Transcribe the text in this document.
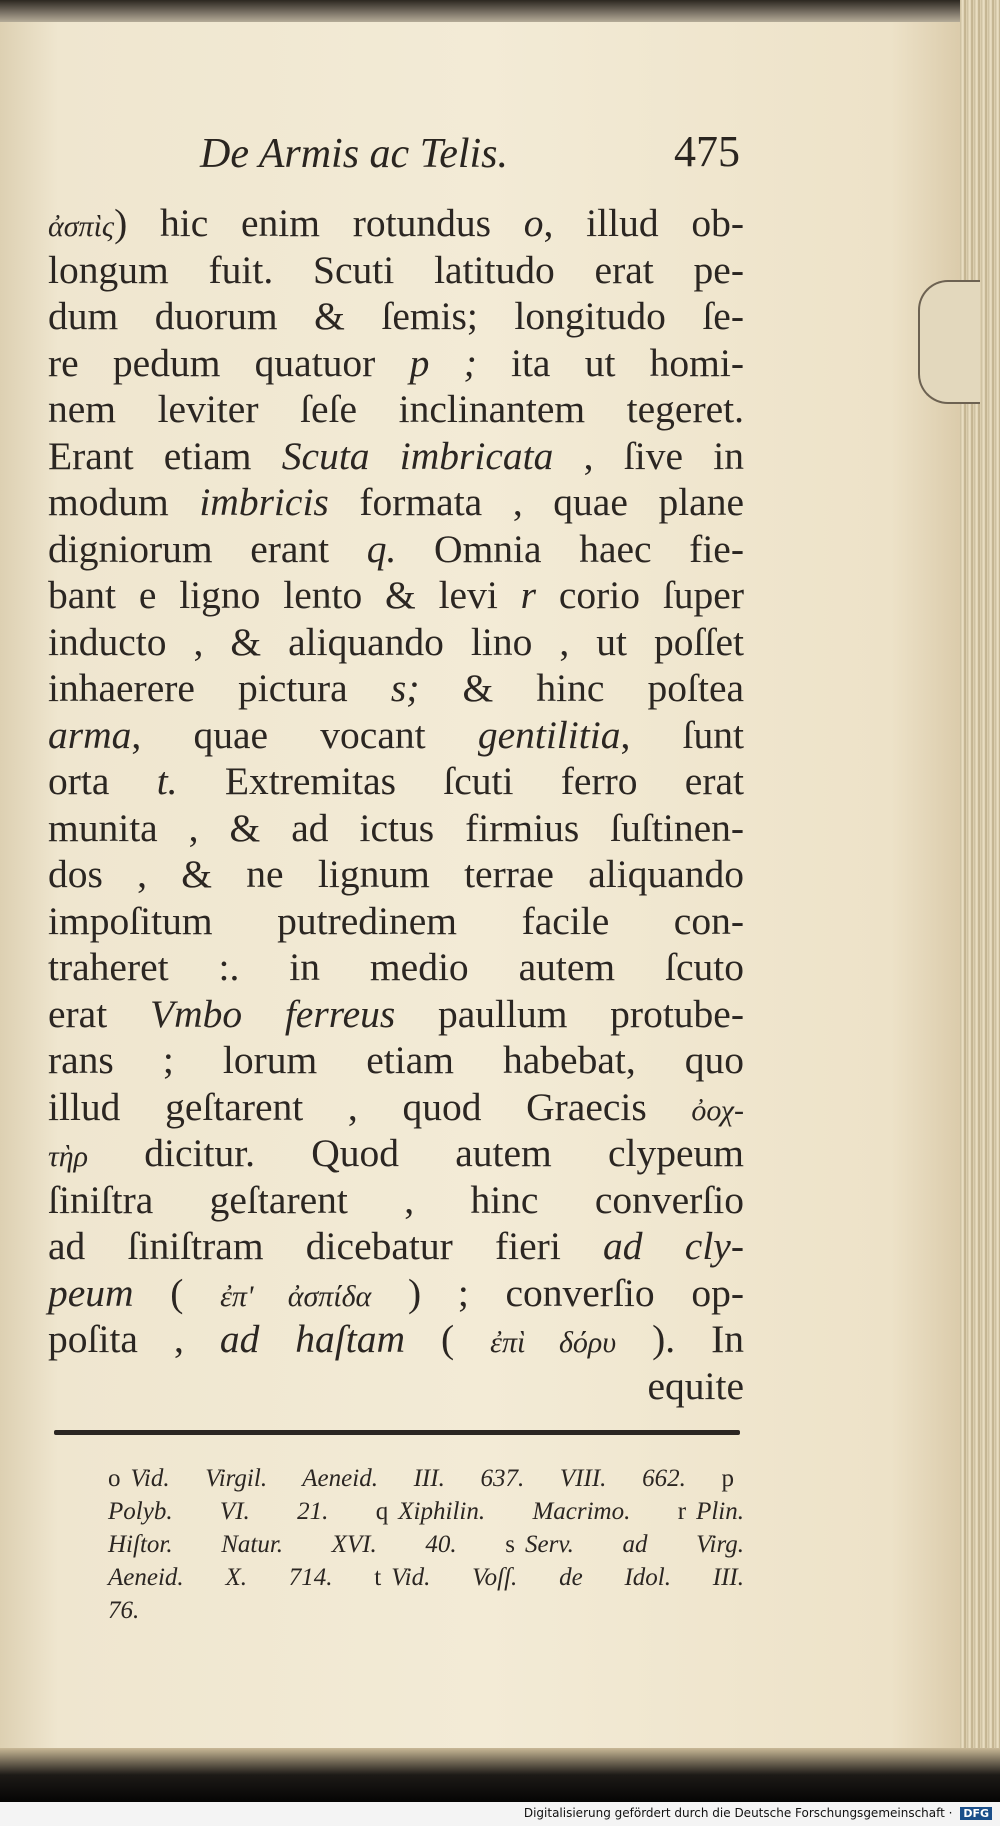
De Armis ac Telis.	475
ἀσπὶς) hic enim rotundus o, illud ob-
longum fuit. Scuti latitudo erat pe-
dum duorum & ſemis; longitudo ſe-
re pedum quatuor p ; ita ut homi-
nem leviter ſeſe inclinantem tegeret.
Erant etiam Scuta imbricata , ſive in
modum imbricis formata , quae plane
digniorum erant q. Omnia haec fie-
bant e ligno lento & levi r corio ſuper
inducto , & aliquando lino , ut poſſet
inhaerere pictura s; & hinc poſtea
arma, quae vocant gentilitia, ſunt
orta t. Extremitas ſcuti ferro erat
munita , & ad ictus firmius ſuſtinen-
dos , & ne lignum terrae aliquando
impoſitum putredinem facile con-
traheret :. in medio autem ſcuto
erat Vmbo ferreus paullum protube-
rans ; lorum etiam habebat, quo
illud geſtarent , quod Graecis ὀοχ-
τὴρ dicitur. Quod autem clypeum
ſiniſtra geſtarent , hinc converſio
ad ſiniſtram dicebatur fieri ad cly-
peum ( ἐπ' ἀσπίδα ) ; converſio op-
poſita , ad haſtam ( ἐπὶ δόρυ ). In
equite
o Vid. Virgil. Aeneid. III. 637. VIII. 662. p
Polyb. VI. 21. q Xiphilin. Macrimo. r Plin.
Hiſtor. Natur. XVI. 40. s Serv. ad Virg.
Aeneid. X. 714. t Vid. Voſſ. de Idol. III.
76.
Digitalisierung gefördert durch die Deutsche Forschungsgemeinschaft · DFG
